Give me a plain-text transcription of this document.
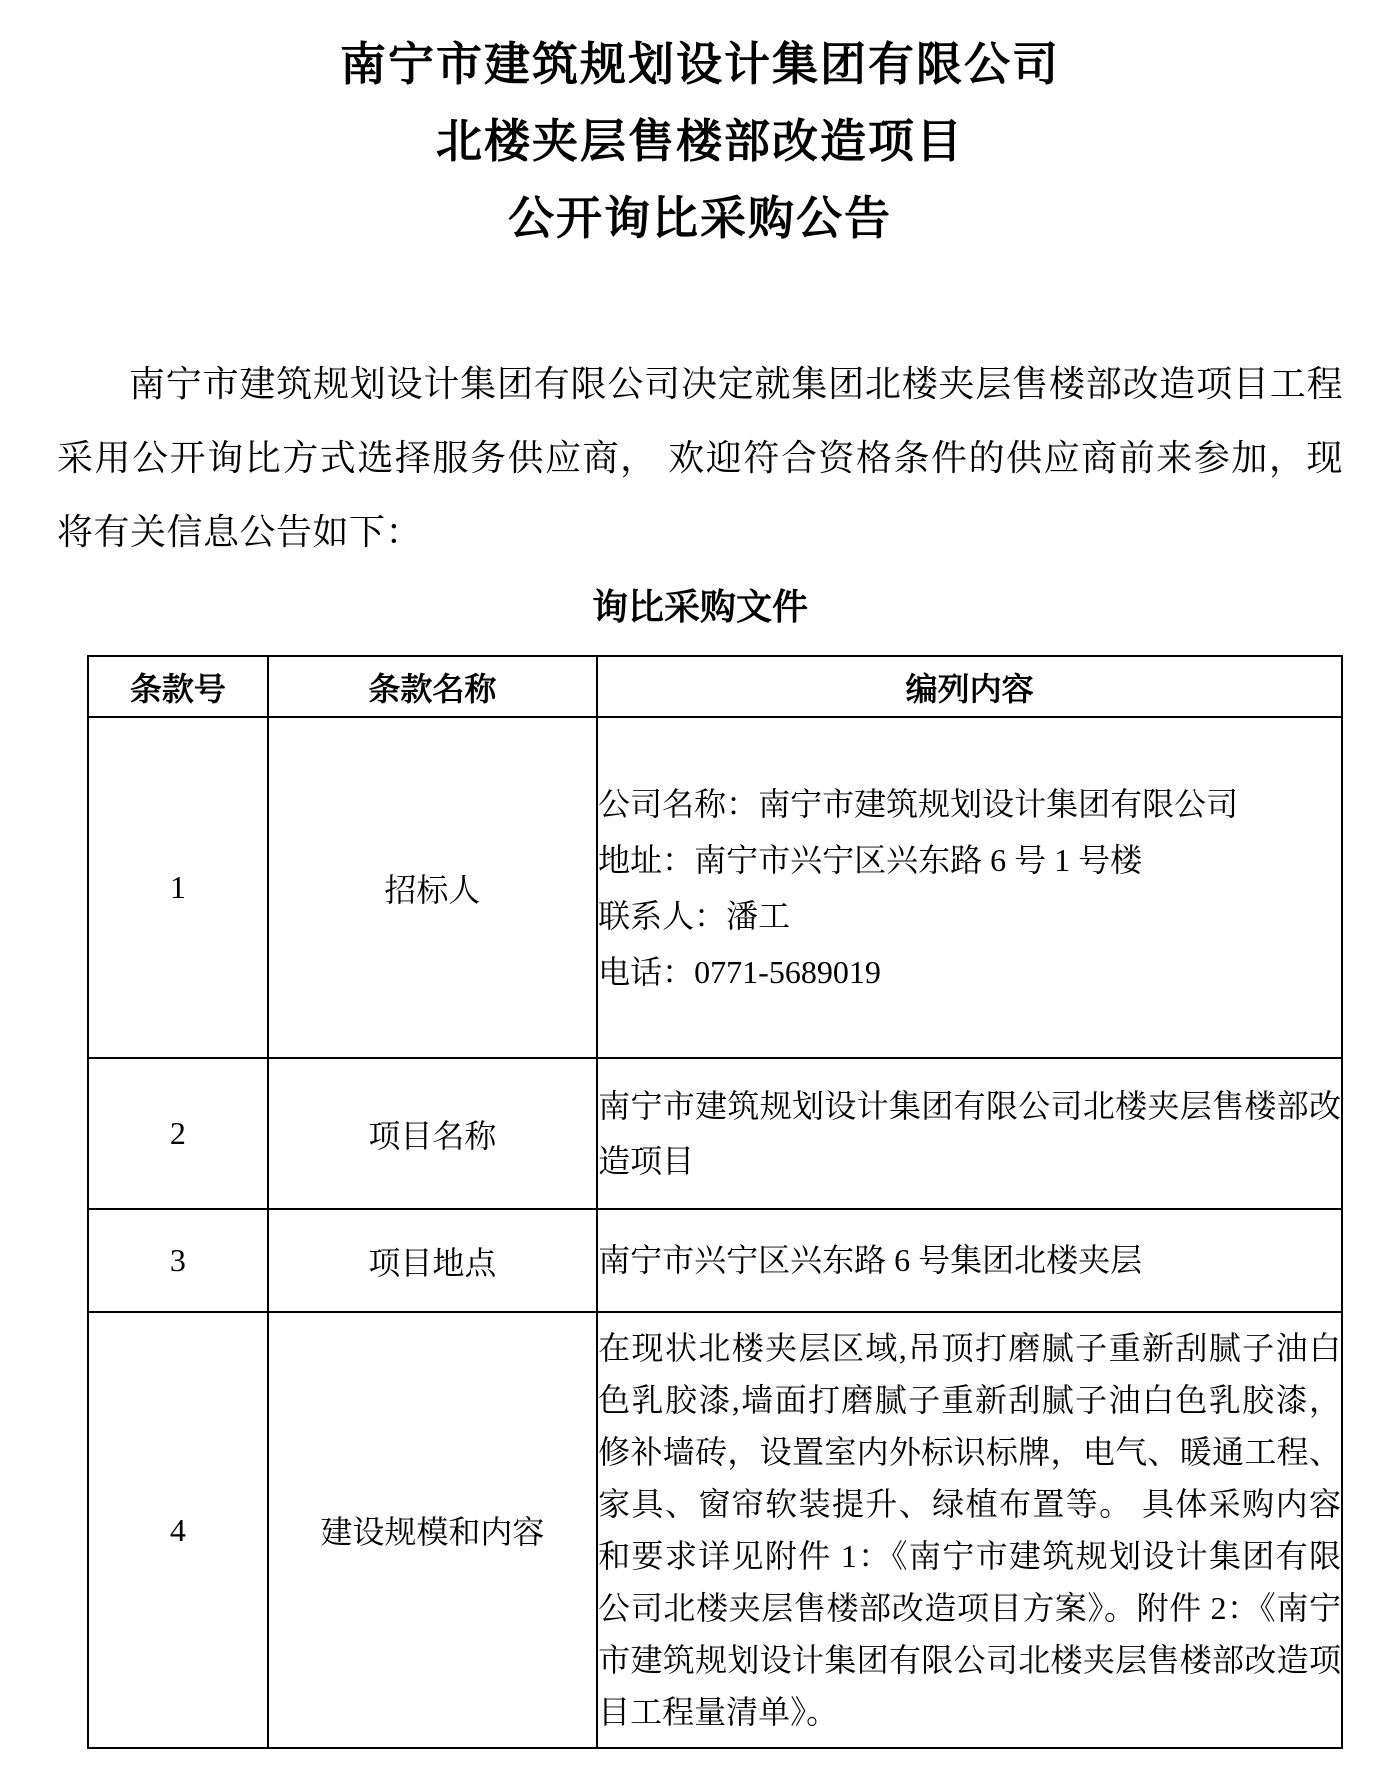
南宁市建筑规划设计集团有限公司
北楼夹层售楼部改造项目
公开询比采购公告

南宁市建筑规划设计集团有限公司决定就集团北楼夹层售楼部改造项目工程采用公开询比方式选择服务供应商， 欢迎符合资格条件的供应商前来参加，现将有关信息公告如下：

询比采购文件
条款号	条款名称	编列内容
1	招标人	公司名称：南宁市建筑规划设计集团有限公司
地址：南宁市兴宁区兴东路 6 号 1 号楼
联系人：潘工
电话：0771-5689019

2	项目名称	南宁市建筑规划设计集团有限公司北楼夹层售楼部改造项目

3	项目地点	南宁市兴宁区兴东路 6 号集团北楼夹层

4	建设规模和内容	在现状北楼夹层区域,吊顶打磨腻子重新刮腻子油白色乳胶漆,墙面打磨腻子重新刮腻子油白色乳胶漆，修补墙砖，设置室内外标识标牌，电气、暖通工程、家具、窗帘软装提升、绿植布置等。 具体采购内容和要求详见附件 1：《南宁市建筑规划设计集团有限公司北楼夹层售楼部改造项目方案》。附件 2：《南宁市建筑规划设计集团有限公司北楼夹层售楼部改造项目工程量清单》。
